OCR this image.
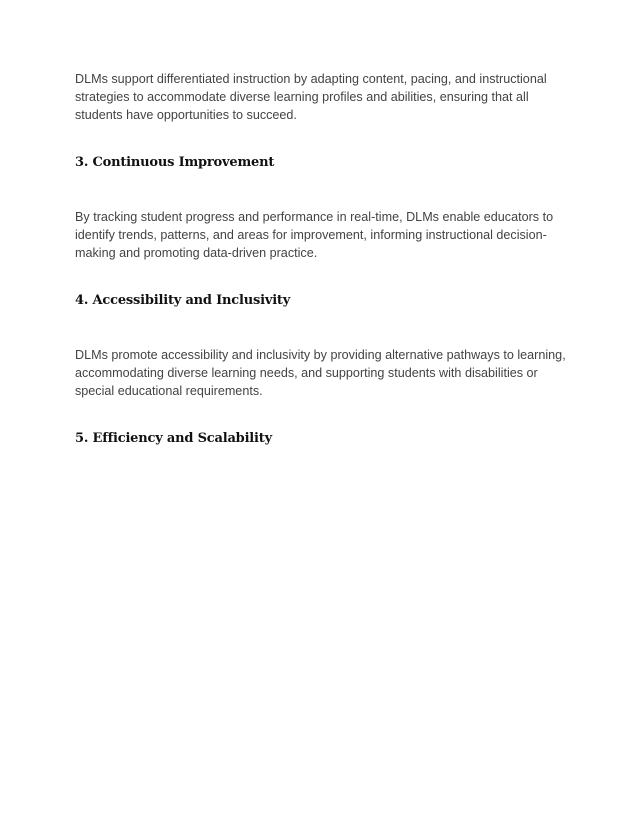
DLMs support differentiated instruction by adapting content, pacing, and instructional strategies to accommodate diverse learning profiles and abilities, ensuring that all students have opportunities to succeed.

3. Continuous Improvement

By tracking student progress and performance in real-time, DLMs enable educators to identify trends, patterns, and areas for improvement, informing instructional decision-making and promoting data-driven practice.

4. Accessibility and Inclusivity

DLMs promote accessibility and inclusivity by providing alternative pathways to learning, accommodating diverse learning needs, and supporting students with disabilities or special educational requirements.

5. Efficiency and Scalability
